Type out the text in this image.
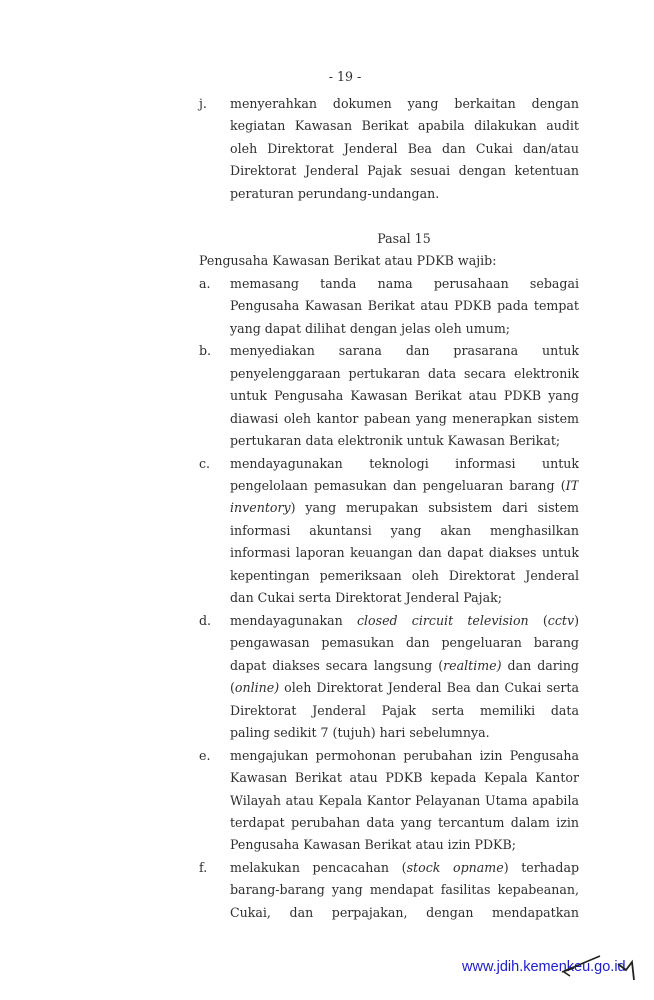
- 19 -
j. menyerahkan dokumen yang berkaitan dengan
kegiatan Kawasan Berikat apabila dilakukan audit
oleh Direktorat Jenderal Bea dan Cukai dan/atau
Direktorat Jenderal Pajak sesuai dengan ketentuan
peraturan perundang-undangan.
Pasal 15
Pengusaha Kawasan Berikat atau PDKB wajib:
a. memasang tanda nama perusahaan sebagai
Pengusaha Kawasan Berikat atau PDKB pada tempat
yang dapat dilihat dengan jelas oleh umum;
b. menyediakan sarana dan prasarana untuk
penyelenggaraan pertukaran data secara elektronik
untuk Pengusaha Kawasan Berikat atau PDKB yang
diawasi oleh kantor pabean yang menerapkan sistem
pertukaran data elektronik untuk Kawasan Berikat;
c. mendayagunakan teknologi informasi untuk
pengelolaan pemasukan dan pengeluaran barang (IT
inventory) yang merupakan subsistem dari sistem
informasi akuntansi yang akan menghasilkan
informasi laporan keuangan dan dapat diakses untuk
kepentingan pemeriksaan oleh Direktorat Jenderal
dan Cukai serta Direktorat Jenderal Pajak;
d. mendayagunakan closed circuit television (cctv)
pengawasan pemasukan dan pengeluaran barang
dapat diakses secara langsung (realtime) dan daring
(online) oleh Direktorat Jenderal Bea dan Cukai serta
Direktorat Jenderal Pajak serta memiliki data
paling sedikit 7 (tujuh) hari sebelumnya.
e. mengajukan permohonan perubahan izin Pengusaha
Kawasan Berikat atau PDKB kepada Kepala Kantor
Wilayah atau Kepala Kantor Pelayanan Utama apabila
terdapat perubahan data yang tercantum dalam izin
Pengusaha Kawasan Berikat atau izin PDKB;
f. melakukan pencacahan (stock opname) terhadap
barang-barang yang mendapat fasilitas kepabeanan,
Cukai, dan perpajakan, dengan mendapatkan
www.jdih.kemenkeu.go.id
